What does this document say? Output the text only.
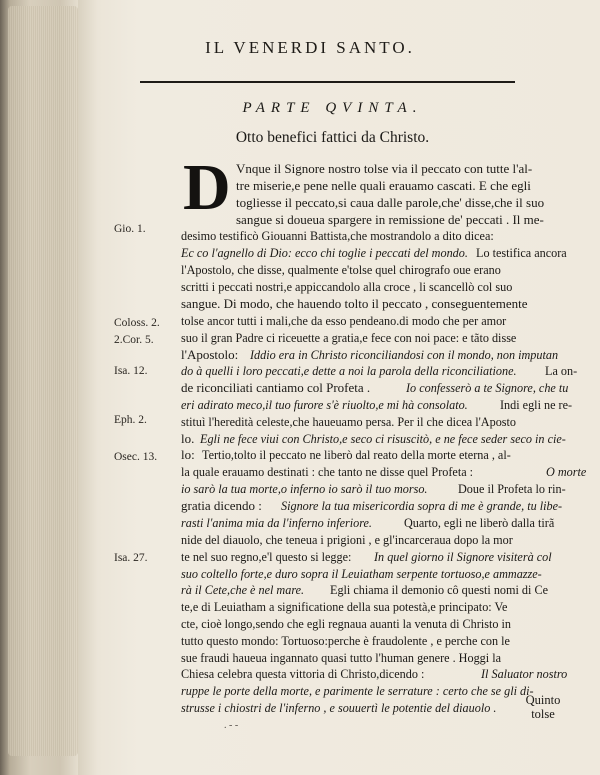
IL VENERDI SANTO.
PARTE QVINTA.
Otto benefici fattici da Christo.
D
Gio. 1.
Coloss. 2.
2.Cor. 5.
Isa. 12.
Eph. 2.
Osec. 13.
Isa. 27.
Vnque il Signore nostro tolse via il peccato con tutte l'al-
tre miserie,e pene nelle quali erauamo cascati. E che egli
togliesse il peccato,si caua dalle parole,che' disse,che il suo
sangue si doueua spargere in remissione de' peccati . Il me-
desimo testificò Giouanni Battista,che mostrandolo a dito dicea:
Ec co l'agnello di Dio: ecco chi toglie i peccati del mondo. Lo testifica ancora
l'Apostolo, che disse, qualmente e'tolse quel chirografo oue erano
scritti i peccati nostri,e appiccandolo alla croce , li scancellò col suo
sangue. Di modo, che hauendo tolto il peccato , conseguentemente
tolse ancor tutti i mali,che da esso pendeano.di modo che per amor
suo il gran Padre ci riceuette a gratia,e fece con noi pace: e tãto disse
l'Apostolo: Iddio era in Christo riconciliandosi con il mondo, non imputan
do à quelli i loro peccati,e dette a noi la parola della riconciliatione. La on-
de riconciliati cantiamo col Profeta .	Io confesserò a te Signore, che tu
eri adirato meco,il tuo furore s'è riuolto,e mi hà consolato.	Indi egli ne re-
stituì l'heredità celeste,che haueuamo persa. Per il che dicea l'Aposto
lo. Egli ne fece viui con Christo,e seco ci risuscitò, e ne fece seder seco in cie-
lo: Tertio,tolto il peccato ne liberò dal reato della morte eterna , al-
la quale erauamo destinati : che tanto ne disse quel Profeta :	O morte
io sarò la tua morte,o inferno io sarò il tuo morso.	Doue il Profeta lo rin-
gratia dicendo : Signore la tua misericordia sopra di me è grande, tu libe-
rasti l'anima mia da l'inferno inferiore.	Quarto, egli ne liberò dalla tirã
nide del diauolo, che teneua i prigioni , e gl'incarceraua dopo la mor
te nel suo regno,e'l questo si legge: In quel giorno il Signore visiterà col
suo coltello forte,e duro sopra il Leuiatham serpente tortuoso,e ammazze-
rà il Cete,che è nel mare. Egli chiama il demonio cô questi nomi di Ce
te,e di Leuiatham a significatione della sua potestà,e principato: Ve
cte, cioè longo,sendo che egli regnaua auanti la venuta di Christo in
tutto questo mondo: Tortuoso:perche è fraudolente , e perche con le
sue fraudi haueua ingannato quasi tutto l'human genere . Hoggi la
Chiesa celebra questa vittoria di Christo,dicendo :	Il Saluator nostro
ruppe le porte della morte, e parimente le serrature : certo che se gli di-
strusse i chiostri de l'inferno , e souuertì le potentie del diauolo .
Quinto tolse
. - -
